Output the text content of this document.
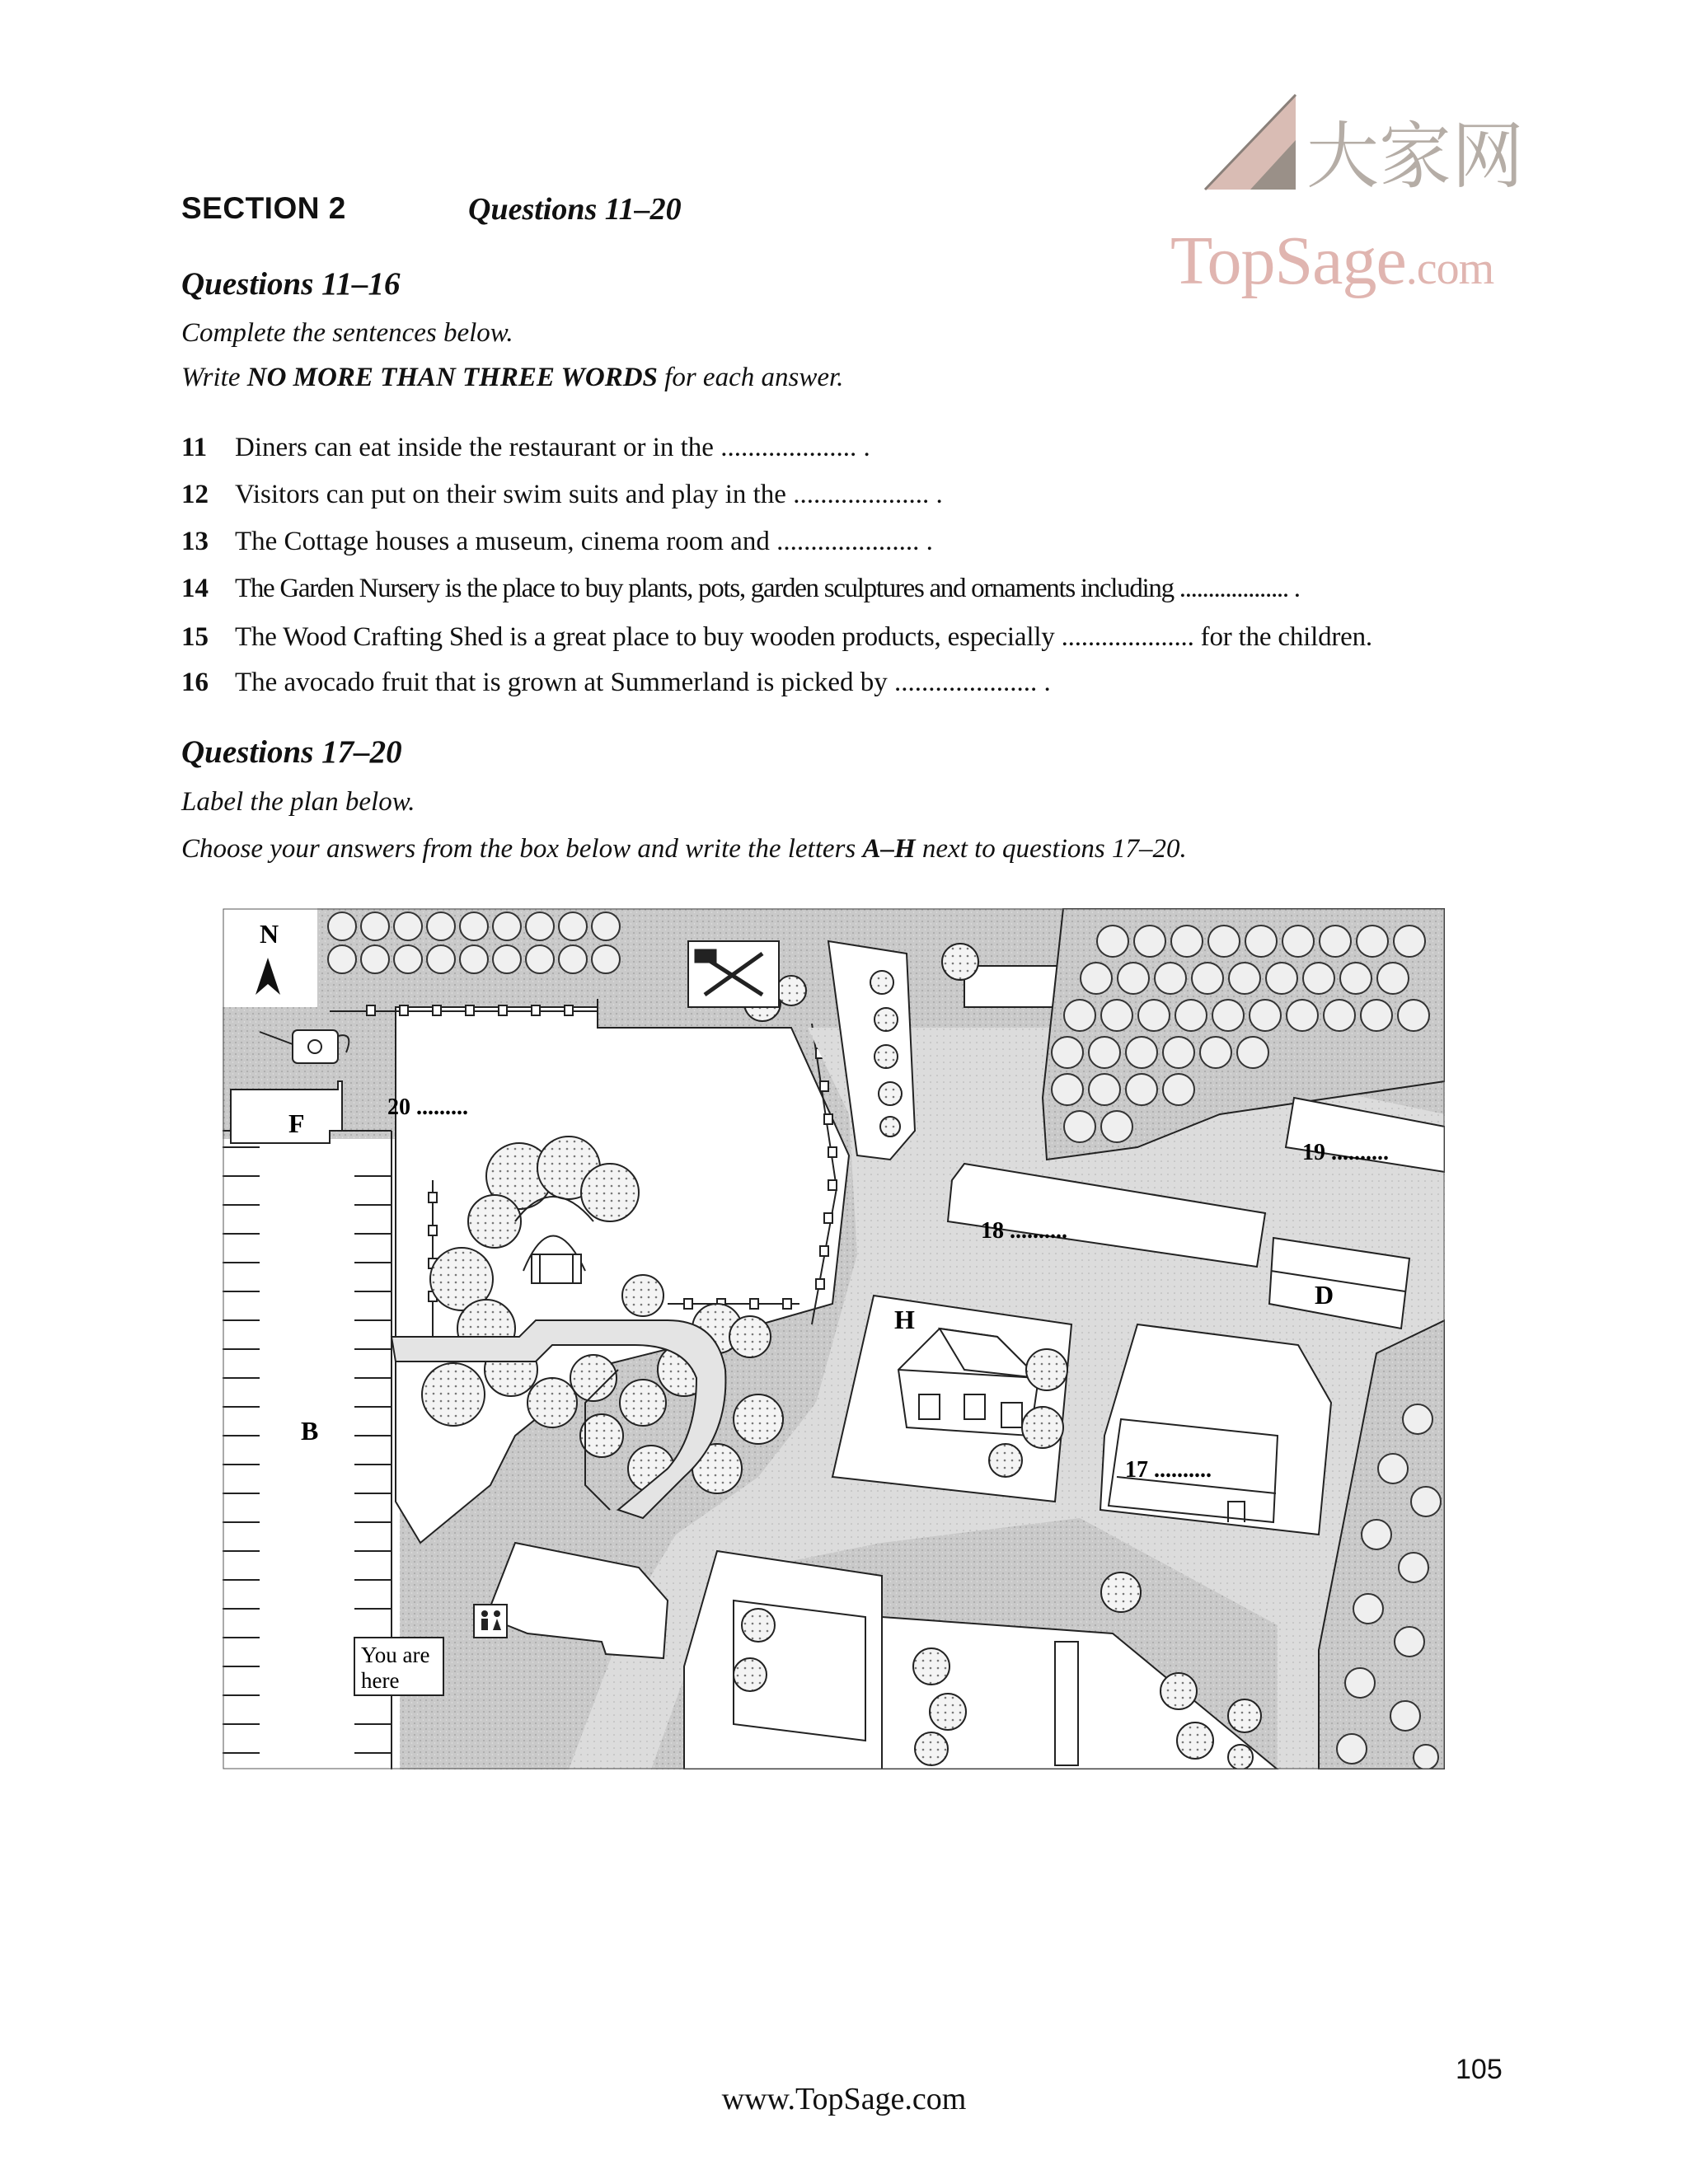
大家网
TopSage.com
SECTION 2	Questions 11–20
Questions 11–16
Complete the sentences below.
Write NO MORE THAN THREE WORDS for each answer.
11 Diners can eat inside the restaurant or in the .................... .
12 Visitors can put on their swim suits and play in the .................... .
13 The Cottage houses a museum, cinema room and ..................... .
14 The Garden Nursery is the place to buy plants, pots, garden sculptures and ornaments including ................... .
15 The Wood Crafting Shed is a great place to buy wooden products, especially .................... for the children.
16 The avocado fruit that is grown at Summerland is picked by ..................... .
Questions 17–20
Label the plan below.
Choose your answers from the box below and write the letters A–H next to questions 17–20.
N
F
B
D
H
17 ..........
18 ..........
19 ..........
20 .........
You are
here
105
www.TopSage.com
